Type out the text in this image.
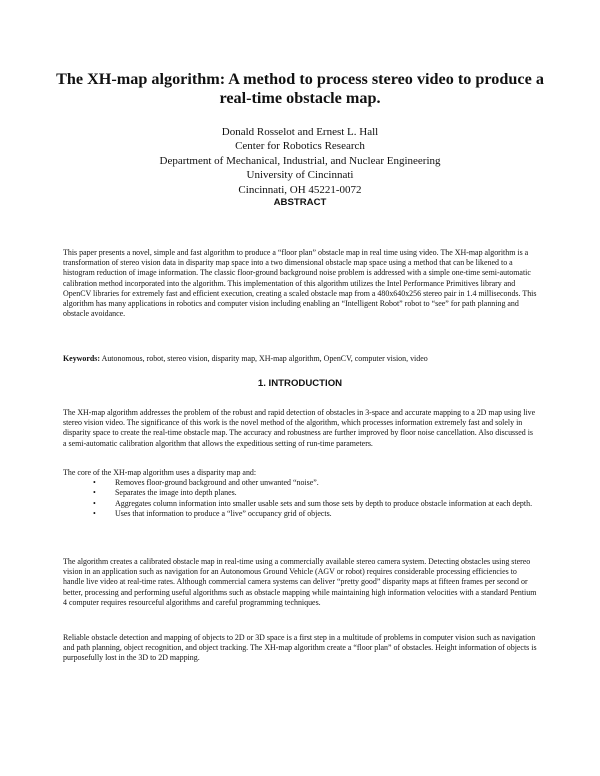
The XH-map algorithm: A method to process stereo video to produce a real-time obstacle map.
Donald Rosselot and Ernest L. Hall
Center for Robotics Research
Department of Mechanical, Industrial, and Nuclear Engineering
University of Cincinnati
Cincinnati, OH 45221-0072
ABSTRACT

This paper presents a novel, simple and fast algorithm to produce a “floor plan” obstacle map in real time using video. The XH-map algorithm is a transformation of stereo vision data in disparity map space into a two dimensional obstacle map space using a method that can be likened to a histogram reduction of image information. The classic floor-ground background noise problem is addressed with a simple one-time semi-automatic calibration method incorporated into the algorithm. This implementation of this algorithm utilizes the Intel Performance Primitives library and OpenCV libraries for extremely fast and efficient execution, creating a scaled obstacle map from a 480x640x256 stereo pair in 1.4 milliseconds. This algorithm has many applications in robotics and computer vision including enabling an “Intelligent Robot” robot to “see” for path planning and obstacle avoidance.

Keywords: Autonomous, robot, stereo vision, disparity map, XH-map algorithm, OpenCV, computer vision, video
1. INTRODUCTION

The XH-map algorithm addresses the problem of the robust and rapid detection of obstacles in 3-space and accurate mapping to a 2D map using live stereo vision video. The significance of this work is the novel method of the algorithm, which processes information extremely fast and solely in disparity space to create the real-time obstacle map. The accuracy and robustness are further improved by floor noise cancellation. Also discussed is a semi-automatic calibration algorithm that allows the expeditious setting of run-time parameters.

The core of the XH-map algorithm uses a disparity map and:

• Removes floor-ground background and other unwanted “noise”.
• Separates the image into depth planes.
• Aggregates column information into smaller usable sets and sum those sets by depth to produce obstacle information at each depth.
• Uses that information to produce a “live” occupancy grid of objects.

The algorithm creates a calibrated obstacle map in real-time using a commercially available stereo camera system. Detecting obstacles using stereo vision in an application such as navigation for an Autonomous Ground Vehicle (AGV or robot) requires considerable processing efficiencies to handle live video at real-time rates. Although commercial camera systems can deliver “pretty good” disparity maps at fifteen frames per second or better, processing and performing useful algorithms such as obstacle mapping while maintaining high information velocities with a standard Pentium 4 computer requires resourceful algorithms and careful programming techniques.

Reliable obstacle detection and mapping of objects to 2D or 3D space is a first step in a multitude of problems in computer vision such as navigation and path planning, object recognition, and object tracking. The XH-map algorithm create a “floor plan” of obstacles. Height information of objects is purposefully lost in the 3D to 2D mapping.
